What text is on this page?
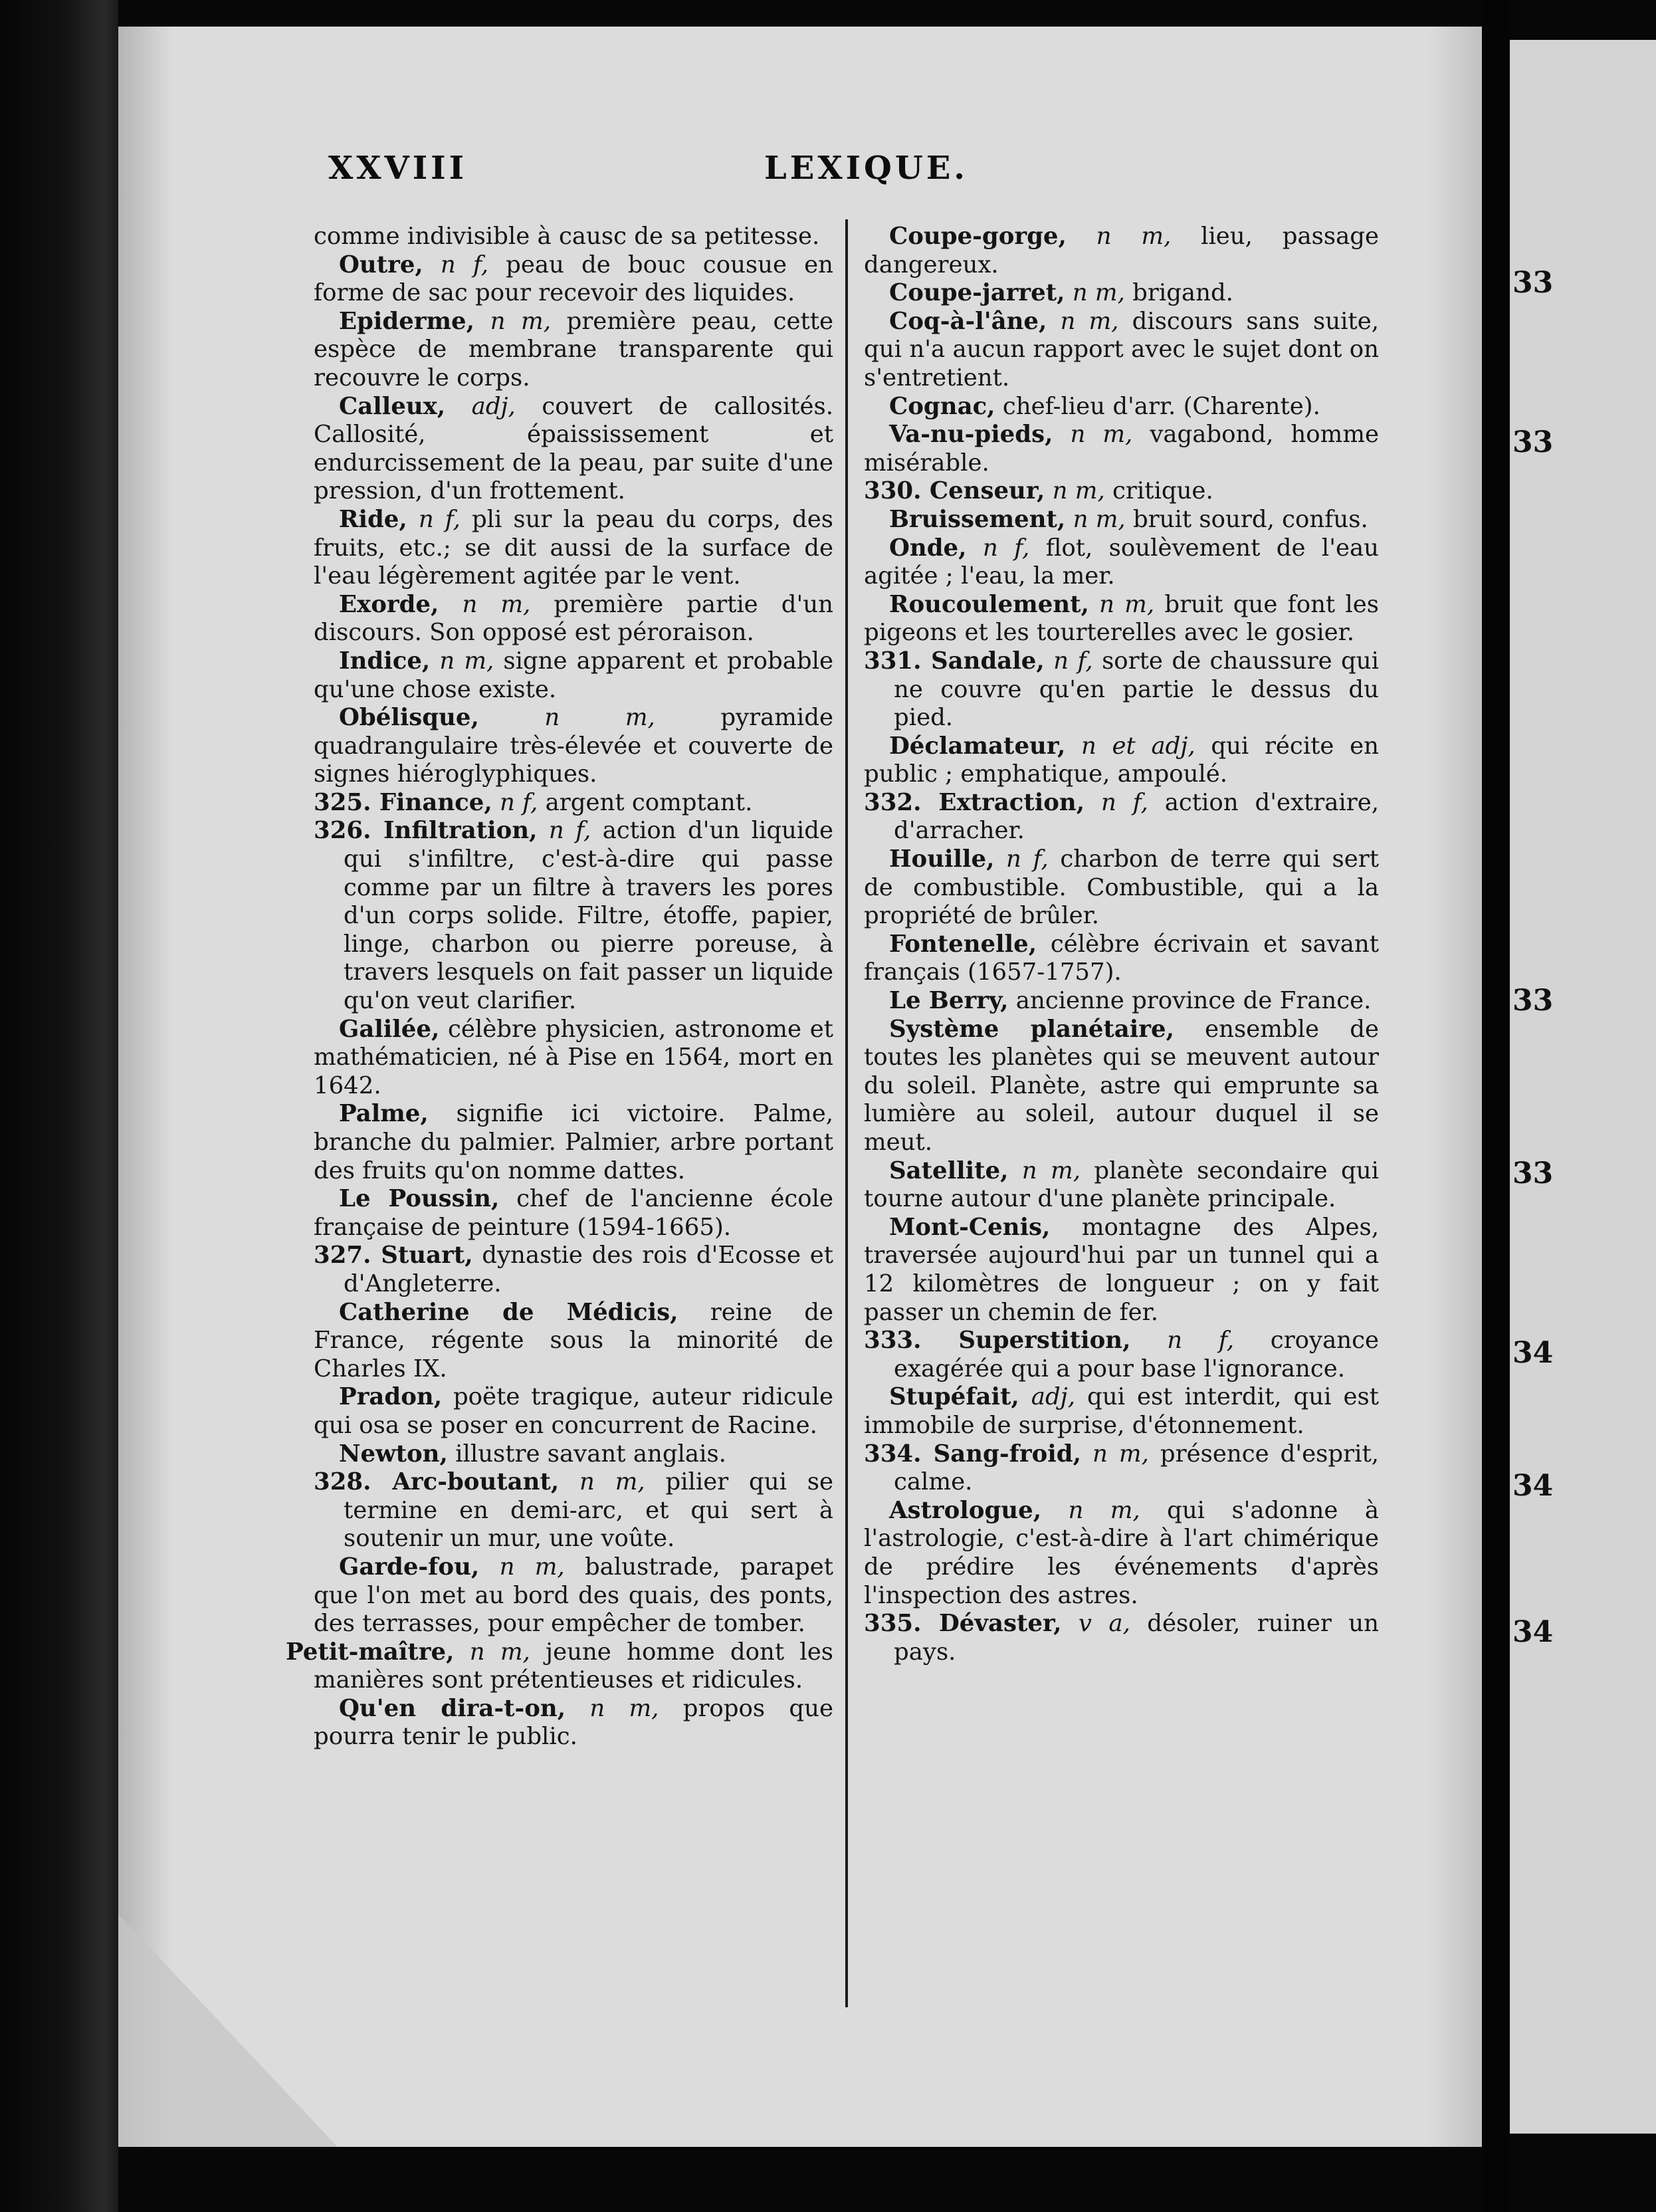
33
33
33
33
34
34
34
XXVIII	LEXIQUE.

comme indivisible à causc de sa petitesse.

Outre, n f, peau de bouc cousue en forme de sac pour recevoir des liquides.

Epiderme, n m, première peau, cette espèce de membrane transparente qui recouvre le corps.

Calleux, adj, couvert de callosités. Callosité, épaississement et endurcissement de la peau, par suite d'une pression, d'un frottement.

Ride, n f, pli sur la peau du corps, des fruits, etc.; se dit aussi de la surface de l'eau légèrement agitée par le vent.

Exorde, n m, première partie d'un discours. Son opposé est péroraison.

Indice, n m, signe apparent et probable qu'une chose existe.

Obélisque, n m, pyramide quadrangulaire très-élevée et couverte de signes hiéroglyphiques.

325. Finance, n f, argent comptant.

326. Infiltration, n f, action d'un liquide qui s'infiltre, c'est-à-dire qui passe comme par un filtre à travers les pores d'un corps solide. Filtre, étoffe, papier, linge, charbon ou pierre poreuse, à travers lesquels on fait passer un liquide qu'on veut clarifier.

Galilée, célèbre physicien, astronome et mathématicien, né à Pise en 1564, mort en 1642.

Palme, signifie ici victoire. Palme, branche du palmier. Palmier, arbre portant des fruits qu'on nomme dattes.

Le Poussin, chef de l'ancienne école française de peinture (1594-1665).

327. Stuart, dynastie des rois d'Ecosse et d'Angleterre.

Catherine de Médicis, reine de France, régente sous la minorité de Charles IX.

Pradon, poëte tragique, auteur ridicule qui osa se poser en concurrent de Racine.

Newton, illustre savant anglais.

328. Arc-boutant, n m, pilier qui se termine en demi-arc, et qui sert à soutenir un mur, une voûte.

Garde-fou, n m, balustrade, parapet que l'on met au bord des quais, des ponts, des terrasses, pour empêcher de tomber.

Petit-maître, n m, jeune homme dont les manières sont prétentieuses et ridicules.

Qu'en dira-t-on, n m, propos que pourra tenir le public.

Coupe-gorge, n m, lieu, passage dangereux.

Coupe-jarret, n m, brigand.

Coq-à-l'âne, n m, discours sans suite, qui n'a aucun rapport avec le sujet dont on s'entretient.

Cognac, chef-lieu d'arr. (Charente).

Va-nu-pieds, n m, vagabond, homme misérable.

330. Censeur, n m, critique.

Bruissement, n m, bruit sourd, confus.

Onde, n f, flot, soulèvement de l'eau agitée ; l'eau, la mer.

Roucoulement, n m, bruit que font les pigeons et les tourterelles avec le gosier.

331. Sandale, n f, sorte de chaussure qui ne couvre qu'en partie le dessus du pied.

Déclamateur, n et adj, qui récite en public ; emphatique, ampoulé.

332. Extraction, n f, action d'extraire, d'arracher.

Houille, n f, charbon de terre qui sert de combustible. Combustible, qui a la propriété de brûler.

Fontenelle, célèbre écrivain et savant français (1657-1757).

Le Berry, ancienne province de France.

Système planétaire, ensemble de toutes les planètes qui se meuvent autour du soleil. Planète, astre qui emprunte sa lumière au soleil, autour duquel il se meut.

Satellite, n m, planète secondaire qui tourne autour d'une planète principale.

Mont-Cenis, montagne des Alpes, traversée aujourd'hui par un tunnel qui a 12 kilomètres de longueur ; on y fait passer un chemin de fer.

333. Superstition, n f, croyance exagérée qui a pour base l'ignorance.

Stupéfait, adj, qui est interdit, qui est immobile de surprise, d'étonnement.

334. Sang-froid, n m, présence d'esprit, calme.

Astrologue, n m, qui s'adonne à l'astrologie, c'est-à-dire à l'art chimérique de prédire les événements d'après l'inspection des astres.

335. Dévaster, v a, désoler, ruiner un pays.
